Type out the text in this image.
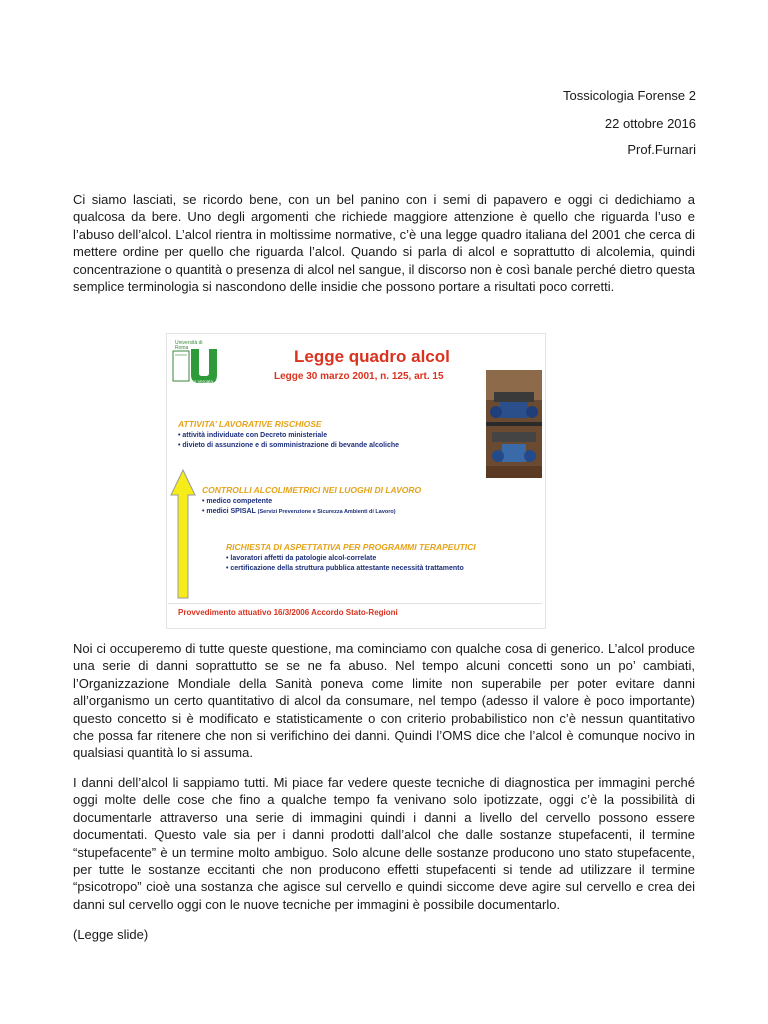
Tossicologia Forense 2
22 ottobre 2016
Prof.Furnari
Ci siamo lasciati, se ricordo bene, con un bel panino con i semi di papavero e oggi ci dedichiamo a qualcosa da bere. Uno degli argomenti che richiede maggiore attenzione è quello che riguarda l’uso e l’abuso dell’alcol. L’alcol rientra in moltissime normative, c’è una legge quadro italiana del 2001 che cerca di mettere ordine per quello che riguarda l’alcol. Quando si parla di alcol e soprattutto di alcolemia, quindi concentrazione o quantità o presenza di alcol nel sangue, il discorso non è così banale perché dietro questa semplice terminologia si nascondono delle insidie che possono portare a risultati poco corretti.
Università di Roma
Tor Vergata
Legge quadro alcol
Legge 30 marzo 2001, n. 125, art. 15
ATTIVITA’ LAVORATIVE RISCHIOSE
• attività individuate con Decreto ministeriale
• divieto di assunzione e di somministrazione di bevande alcoliche
CONTROLLI ALCOLIMETRICI NEI LUOGHI DI LAVORO
• medico competente
• medici SPISAL (Servizi Prevenzione e Sicurezza Ambienti di Lavoro)
RICHIESTA DI ASPETTATIVA PER PROGRAMMI TERAPEUTICI
• lavoratori affetti da patologie alcol-correlate
• certificazione della struttura pubblica attestante necessità trattamento
Provvedimento attuativo 16/3/2006 Accordo Stato-Regioni
Noi ci occuperemo di tutte queste questione, ma cominciamo con qualche cosa di generico. L’alcol produce una serie di danni soprattutto se se ne fa abuso. Nel tempo alcuni concetti sono un po’ cambiati, l’Organizzazione Mondiale della Sanità poneva come limite non superabile per poter evitare danni all’organismo un certo quantitativo di alcol da consumare, nel tempo (adesso il valore è poco importante) questo concetto si è modificato e statisticamente o con criterio probabilistico non c’è nessun quantitativo che possa far ritenere che non si verifichino dei danni. Quindi l’OMS dice che l’alcol è comunque nocivo in qualsiasi quantità lo si assuma.
I danni dell’alcol li sappiamo tutti. Mi piace far vedere queste tecniche di diagnostica per immagini perché oggi molte delle cose che fino a qualche tempo fa venivano solo ipotizzate, oggi c’è la possibilità di documentarle attraverso una serie di immagini quindi i danni a livello del cervello possono essere documentati. Questo vale sia per i danni prodotti dall’alcol che dalle sostanze stupefacenti, il termine “stupefacente” è un termine molto ambiguo. Solo alcune delle sostanze producono uno stato stupefacente, per tutte le sostanze eccitanti che non producono effetti stupefacenti si tende ad utilizzare il termine “psicotropo” cioè una sostanza che agisce sul cervello e quindi siccome deve agire sul cervello e crea dei danni sul cervello oggi con le nuove tecniche per immagini è possibile documentarlo.
(Legge slide)
